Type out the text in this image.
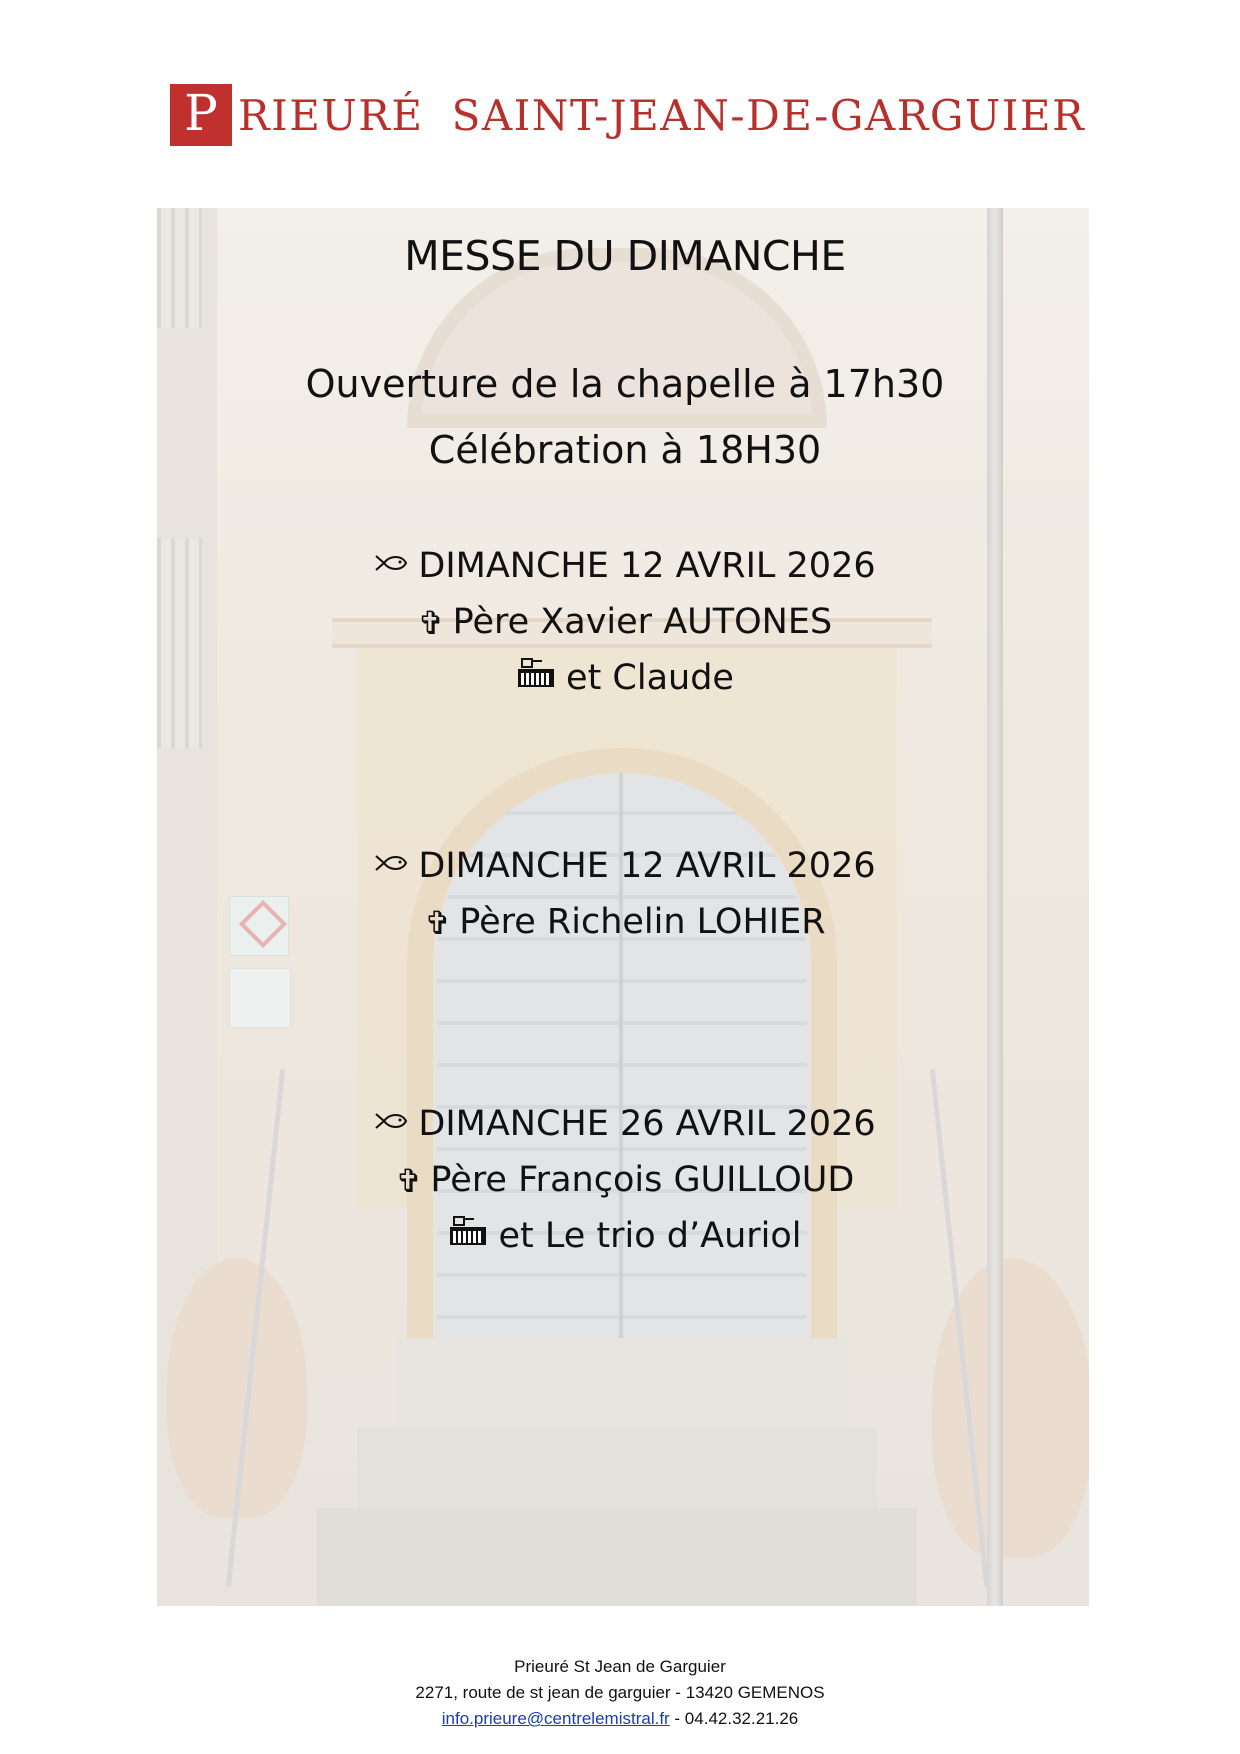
P RIEURÉ SAINT-JEAN-DE-GARGUIER
MESSE DU DIMANCHE
Ouverture de la chapelle à 17h30
Célébration à 18H30
DIMANCHE 12 AVRIL 2026
✞ Père Xavier AUTONES
et Claude
DIMANCHE 12 AVRIL 2026
✞ Père Richelin LOHIER
DIMANCHE 26 AVRIL 2026
✞ Père François GUILLOUD
et Le trio d’Auriol
Prieuré St Jean de Garguier
2271, route de st jean de garguier - 13420 GEMENOS
info.prieure@centrelemistral.fr - 04.42.32.21.26
